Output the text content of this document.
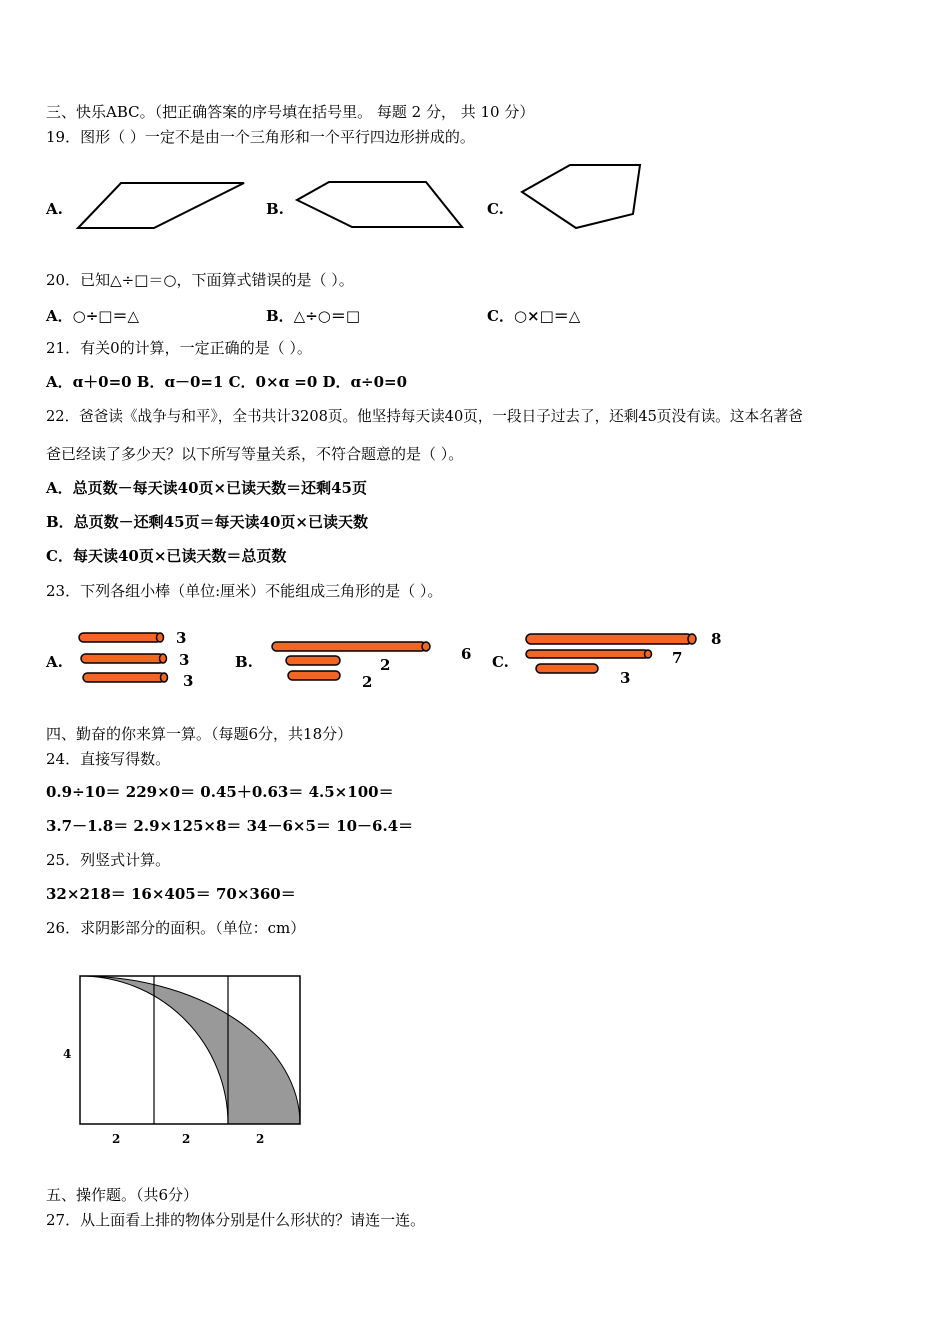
三、快乐ABC。（把正确答案的序号填在括号里。 每题 2 分， 共 10 分）
19．图形（ ）一定不是由一个三角形和一个平行四边形拼成的。
A.	B.	C.
20．已知△÷□＝○，下面算式错误的是（ ）。
A．○÷□＝△	B．△÷○＝□	C．○×□＝△
21．有关0的计算，一定正确的是（ ）。
A．ɑ＋0=0 B．ɑ－0=1 C．0×ɑ =0 D．ɑ÷0=0
22．爸爸读《战争与和平》，全书共计3208页。他坚持每天读40页，一段日子过去了，还剩45页没有读。这本名著爸
爸已经读了多少天？以下所写等量关系，不符合题意的是（ ）。
A．总页数－每天读40页×已读天数＝还剩45页
B．总页数－还剩45页＝每天读40页×已读天数
C．每天读40页×已读天数＝总页数
23．下列各组小棒（单位:厘米）不能组成三角形的是（ ）。
A.
3
3
3
B.	6
2
2
C.
8
7
3
四、勤奋的你来算一算。（每题6分，共18分）
24．直接写得数。
0.9÷10＝ 229×0＝ 0.45＋0.63＝ 4.5×100＝
3.7－1.8＝ 2.9×125×8＝ 34－6×5＝ 10－6.4＝
25．列竖式计算。
32×218＝ 16×405＝ 70×360＝
26．求阴影部分的面积。（单位：cm）
4
2	2	2
五、操作题。（共6分）
27．从上面看上排的物体分别是什么形状的？请连一连。
